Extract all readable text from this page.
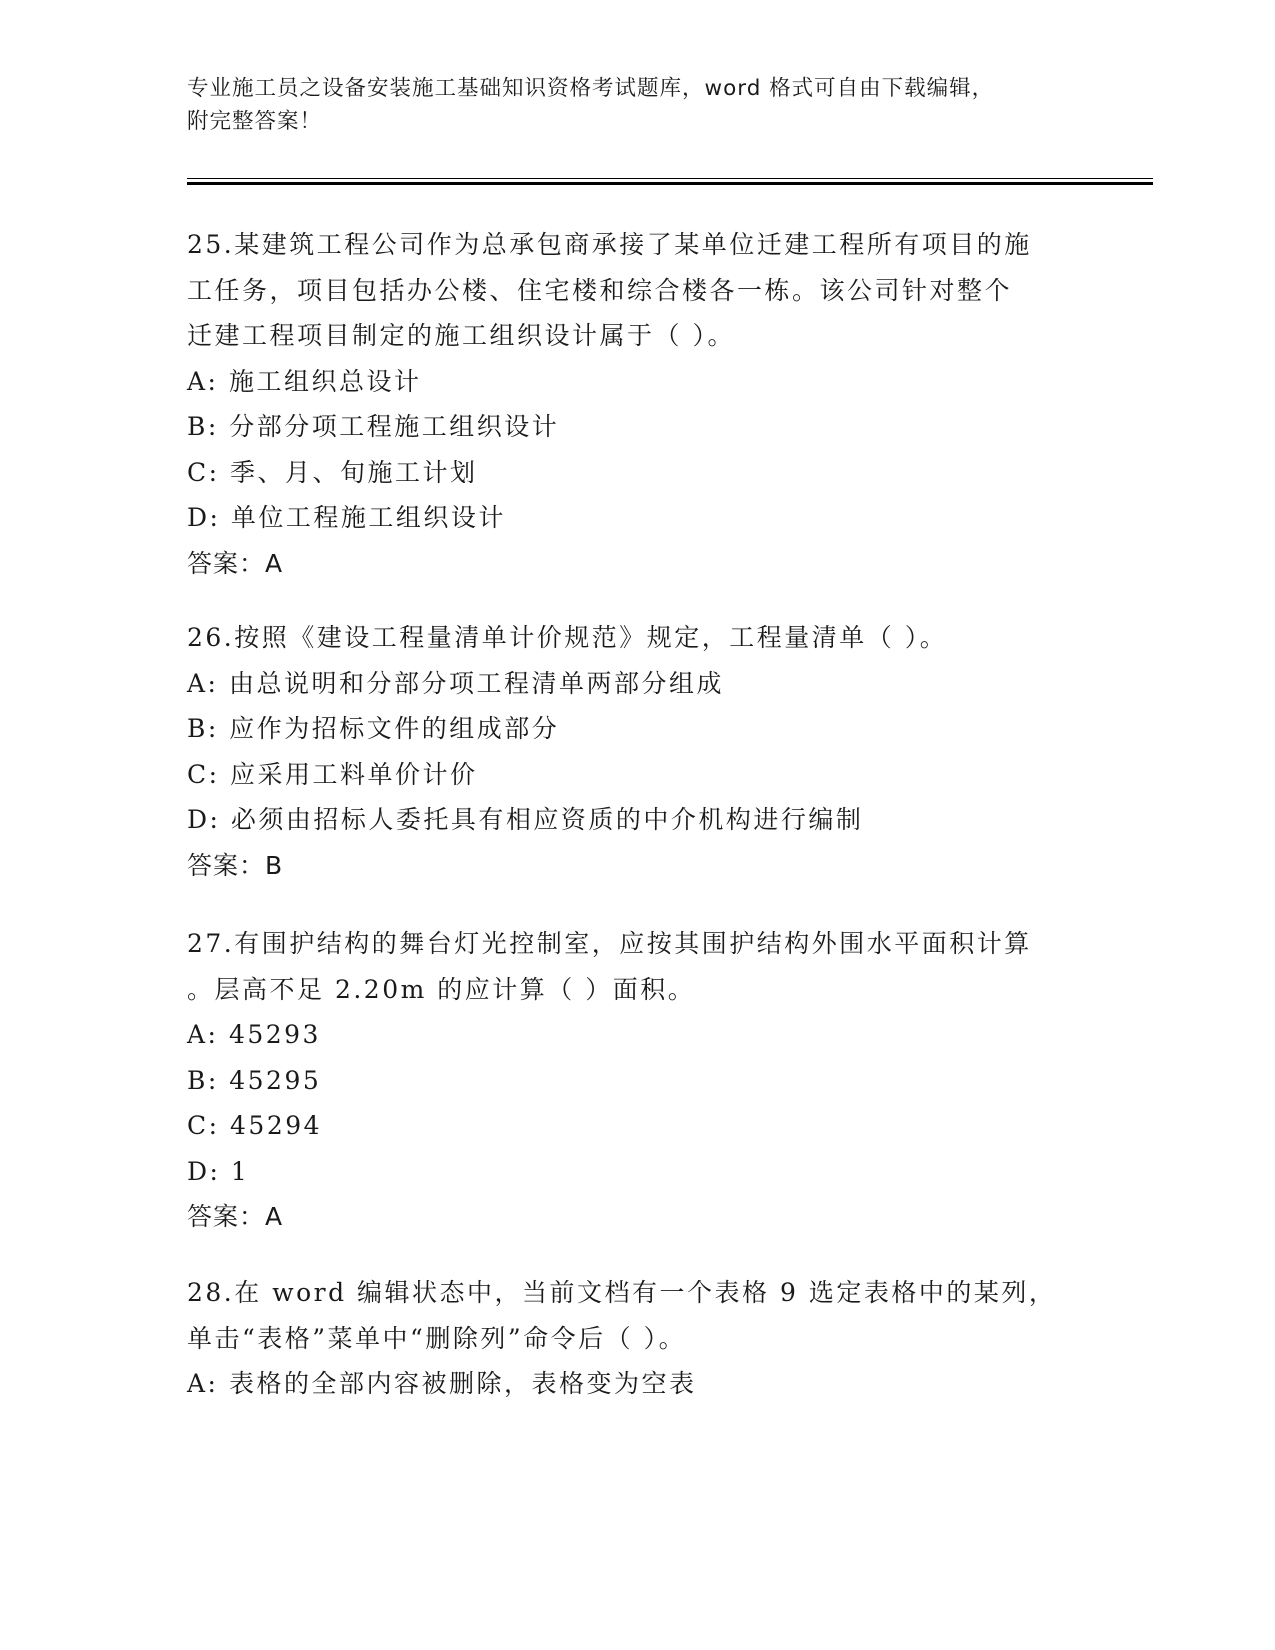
专业施工员之设备安装施工基础知识资格考试题库，word 格式可自由下载编辑，
附完整答案！
25.某建筑工程公司作为总承包商承接了某单位迁建工程所有项目的施
工任务，项目包括办公楼、住宅楼和综合楼各一栋。该公司针对整个
迁建工程项目制定的施工组织设计属于（ ）。
A: 施工组织总设计
B: 分部分项工程施工组织设计
C: 季、月、旬施工计划
D: 单位工程施工组织设计
答案：A
26.按照《建设工程量清单计价规范》规定，工程量清单（ ）。
A: 由总说明和分部分项工程清单两部分组成
B: 应作为招标文件的组成部分
C: 应采用工料单价计价
D: 必须由招标人委托具有相应资质的中介机构进行编制
答案：B
27.有围护结构的舞台灯光控制室，应按其围护结构外围水平面积计算
。层高不足 2.20m 的应计算（ ）面积。
A: 45293
B: 45295
C: 45294
D: 1
答案：A
28.在 word 编辑状态中，当前文档有一个表格 9 选定表格中的某列，
单击“表格”菜单中“删除列”命令后（ ）。
A: 表格的全部内容被删除，表格变为空表
